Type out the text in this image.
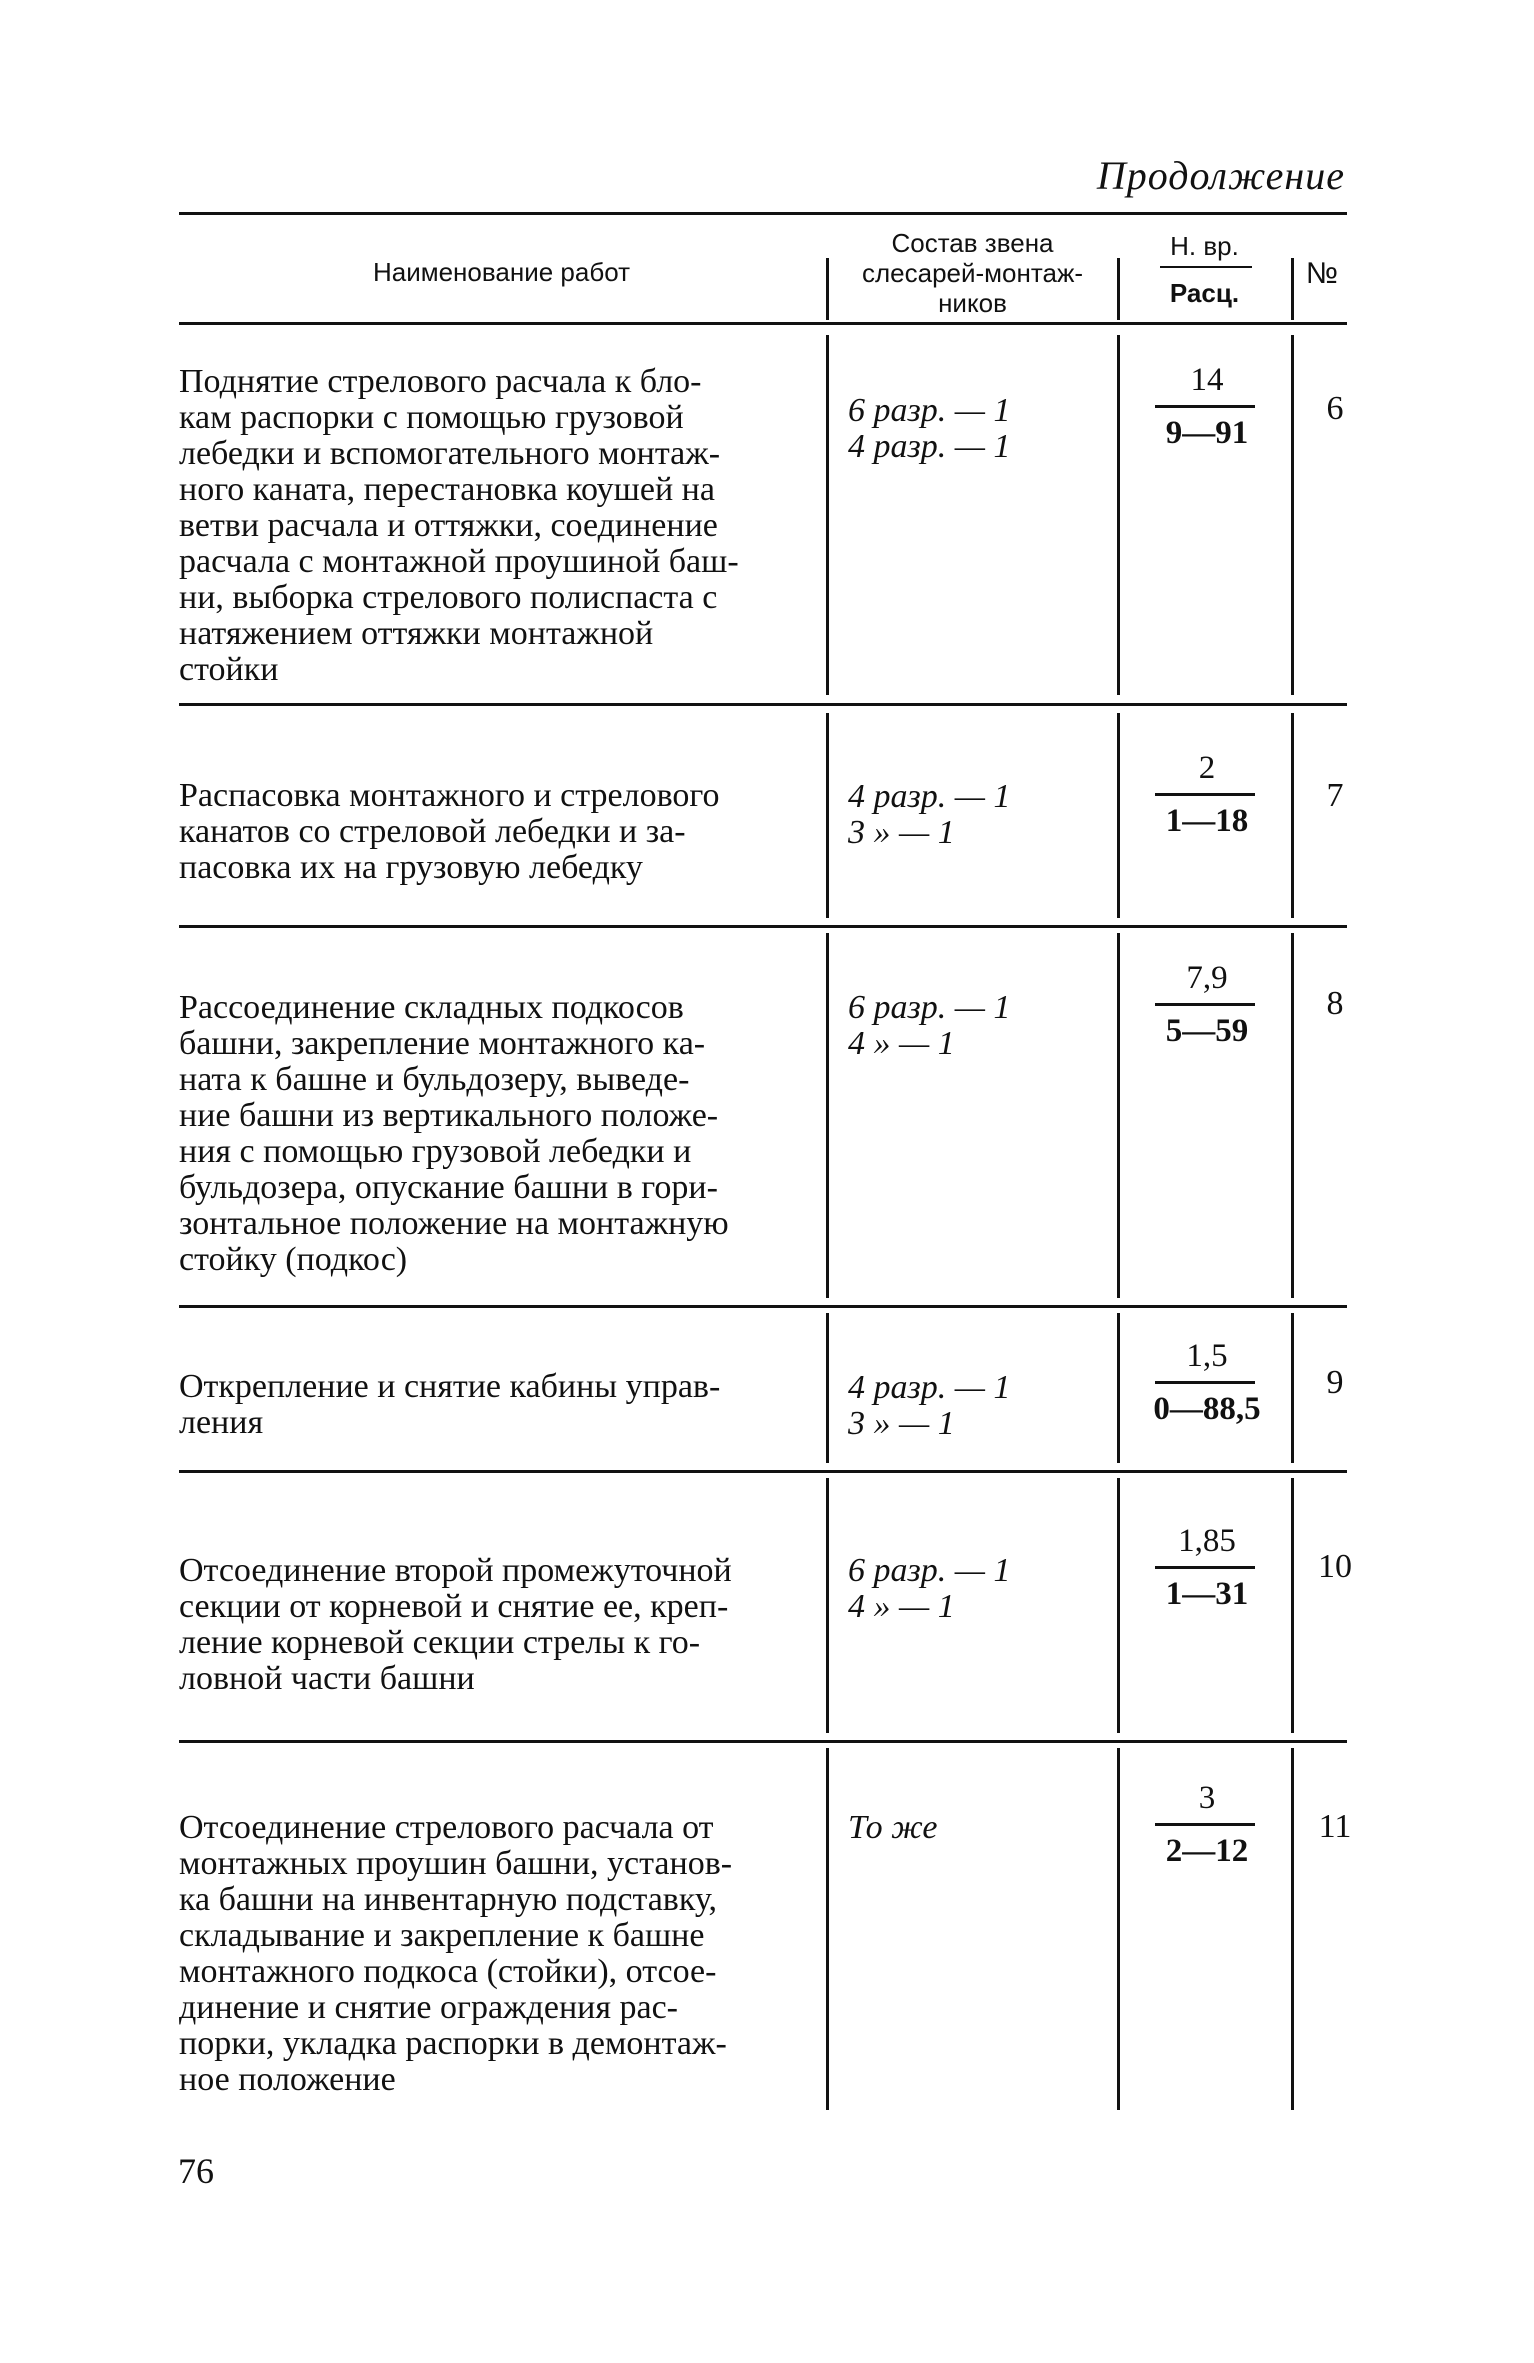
Продолжение
Наименование работ
Состав звена
слесарей-монтаж-
ников
Н. вр.
Расц.
№
Поднятие стрелового расчала к бло-
кам распорки с помощью грузовой
лебедки и вспомогательного монтаж-
ного каната, перестановка коушей на
ветви расчала и оттяжки, соединение
расчала с монтажной проушиной баш-
ни, выборка стрелового полиспаста с
натяжением оттяжки монтажной
стойки
6 разр. — 1
4 разр. — 1
14
9—91
6
Распасовка монтажного и стрелового
канатов со стреловой лебедки и за-
пасовка их на грузовую лебедку
4 разр. — 1
3 » — 1
2
1—18
7
Рассоединение складных подкосов
башни, закрепление монтажного ка-
ната к башне и бульдозеру, выведе-
ние башни из вертикального положе-
ния с помощью грузовой лебедки и
бульдозера, опускание башни в гори-
зонтальное положение на монтажную
стойку (подкос)
6 разр. — 1
4 » — 1
7,9
5—59
8
Открепление и снятие кабины управ-
ления
4 разр. — 1
3 » — 1
1,5
0—88,5
9
Отсоединение второй промежуточной
секции от корневой и снятие ее, креп-
ление корневой секции стрелы к го-
ловной части башни
6 разр. — 1
4 » — 1
1,85
1—31
10
Отсоединение стрелового расчала от
монтажных проушин башни, установ-
ка башни на инвентарную подставку,
складывание и закрепление к башне
монтажного подкоса (стойки), отсое-
динение и снятие ограждения рас-
порки, укладка распорки в демонтаж-
ное положение
То же
3
2—12
11
76
